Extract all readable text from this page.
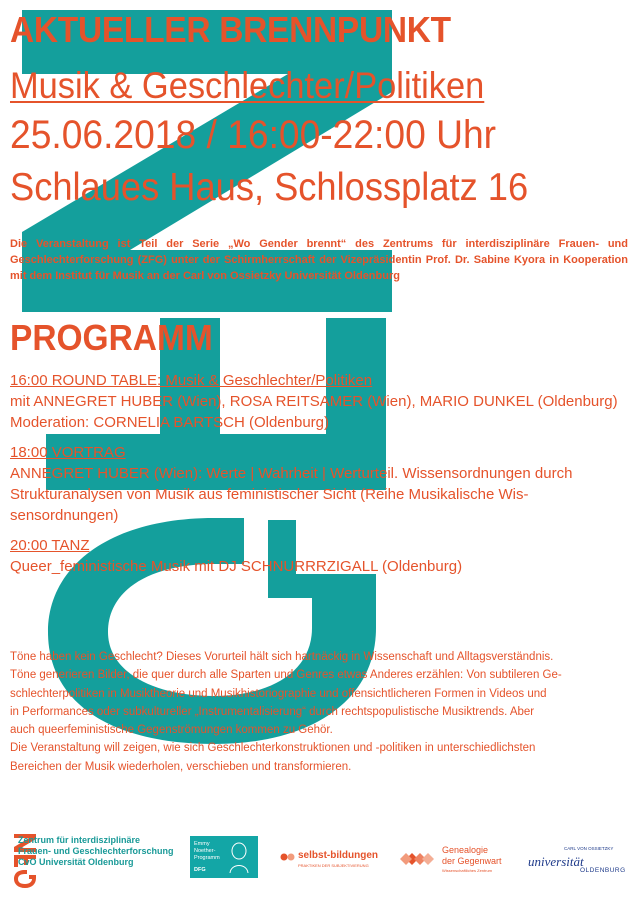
AKTUELLER BRENNPUNKT
Musik & Geschlechter/Politiken
25.06.2018 / 16:00-22:00 Uhr
Schlaues Haus, Schlossplatz 16
Die Veranstaltung ist Teil der Serie „Wo Gender brennt“ des Zentrums für interdisziplinäre Frauen- und Geschlechterforschung (ZFG) unter der Schirmherrschaft der Vizepräsidentin Prof. Dr. Sabine Kyora in Kooperation mit dem Institut für Musik an der Carl von Ossietzky Universität Oldenburg
PROGRAMM
16:00 ROUND TABLE: Musik & Geschlechter/Politiken
mit ANNEGRET HUBER (Wien), ROSA REITSAMER (Wien), MARIO DUNKEL (Oldenburg)
Moderation: CORNELIA BARTSCH (Oldenburg)
18:00 VORTRAG
ANNEGRET HUBER (Wien): Werte | Wahrheit | Werturteil. Wissensordnungen durch
Strukturanalysen von Musik aus feministischer Sicht (Reihe Musikalische Wis-
sensordnungen)
20:00 TANZ
Queer_feministische Musik mit DJ SCHNURRRZIGALL (Oldenburg)
Töne haben kein Geschlecht? Dieses Vorurteil hält sich hartnäckig in Wissenschaft und Alltagsverständnis.
Töne generieren Bilder, die quer durch alle Sparten und Genres etwas Anderes erzählen: Von subtileren Ge-
schlechterpolitiken in Musiktheorie und Musikhistoriographie und offensichtlicheren Formen in Videos und
in Performances oder subkultureller „Instrumentalisierung“ durch rechtspopulistische Musiktrends. Aber
auch queerfeministische Gegenströmungen kommen zu Gehör.
Die Veranstaltung will zeigen, wie sich Geschlechterkonstruktionen und -politiken in unterschiedlichsten
Bereichen der Musik wiederholen, verschieben und transformieren.
Zentrum für interdisziplinäre
Frauen- und Geschlechterforschung
CvO Universität Oldenburg
Emmy
Noether-
Programm
DFG
selbst-bildungen
PRAKTIKEN DER SUBJEKTIVIERUNG
Genealogie
der Gegenwart
Wissenschaftliches Zentrum
CARL VON OSSIETZKY
universität
OLDENBURG
